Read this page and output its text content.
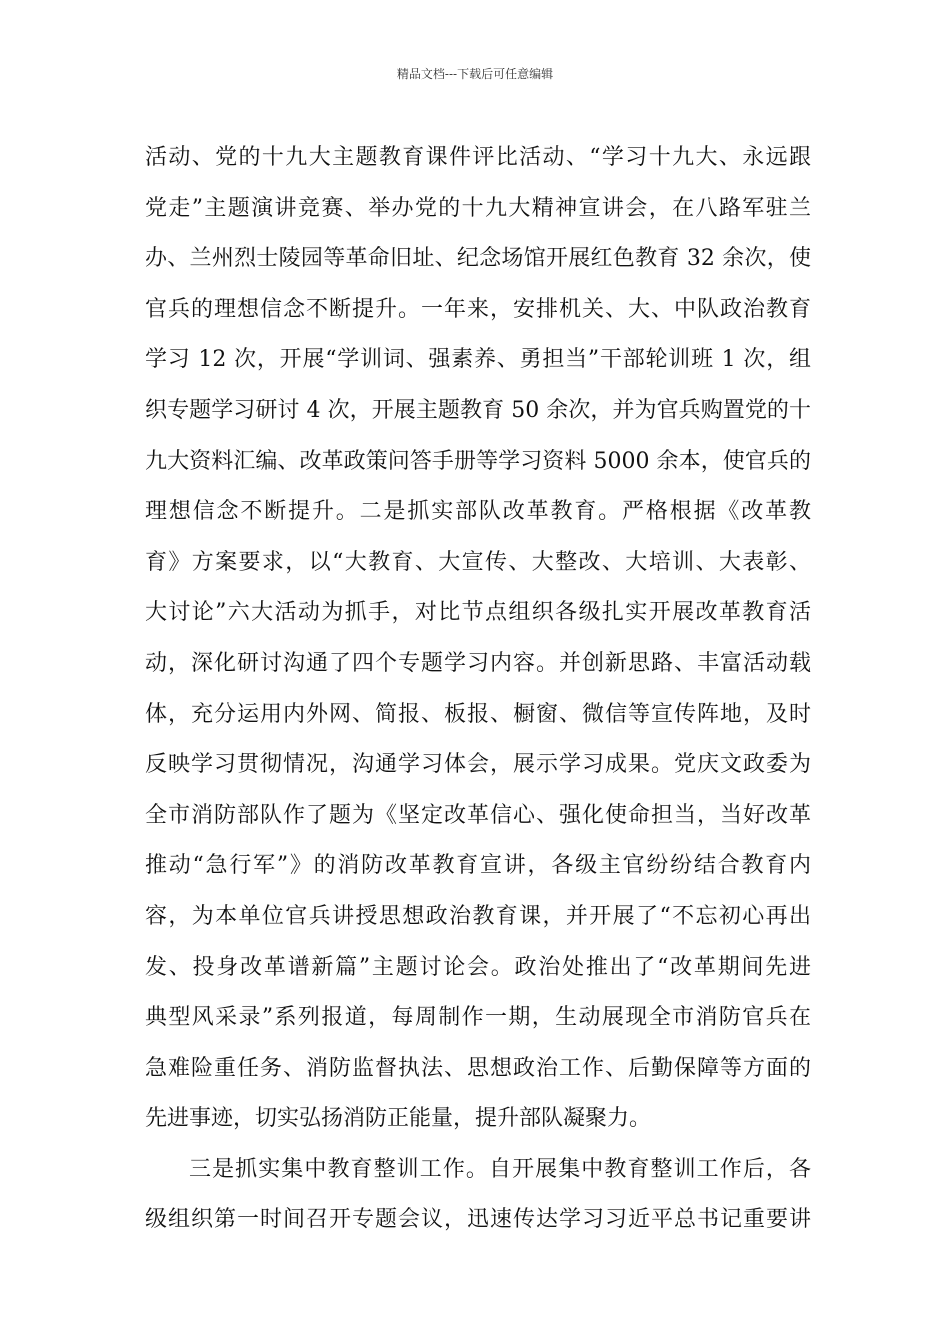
精品文档---下载后可任意编辑
活动、党的十九大主题教育课件评比活动、“学习十九大、永远跟
党走”主题演讲竞赛、举办党的十九大精神宣讲会，在八路军驻兰
办、兰州烈士陵园等革命旧址、纪念场馆开展红色教育 32 余次，使
官兵的理想信念不断提升。一年来，安排机关、大、中队政治教育
学习 12 次，开展“学训词、强素养、勇担当”干部轮训班 1 次，组
织专题学习研讨 4 次，开展主题教育 50 余次，并为官兵购置党的十
九大资料汇编、改革政策问答手册等学习资料 5000 余本，使官兵的
理想信念不断提升。二是抓实部队改革教育。严格根据《改革教
育》方案要求，以“大教育、大宣传、大整改、大培训、大表彰、
大讨论”六大活动为抓手，对比节点组织各级扎实开展改革教育活
动，深化研讨沟通了四个专题学习内容。并创新思路、丰富活动载
体，充分运用内外网、简报、板报、橱窗、微信等宣传阵地，及时
反映学习贯彻情况，沟通学习体会，展示学习成果。党庆文政委为
全市消防部队作了题为《坚定改革信心、强化使命担当，当好改革
推动“急行军”》的消防改革教育宣讲，各级主官纷纷结合教育内
容，为本单位官兵讲授思想政治教育课，并开展了“不忘初心再出
发、投身改革谱新篇”主题讨论会。政治处推出了“改革期间先进
典型风采录”系列报道，每周制作一期，生动展现全市消防官兵在
急难险重任务、消防监督执法、思想政治工作、后勤保障等方面的
先进事迹，切实弘扬消防正能量，提升部队凝聚力。
三是抓实集中教育整训工作。自开展集中教育整训工作后，各
级组织第一时间召开专题会议，迅速传达学习习近平总书记重要讲
